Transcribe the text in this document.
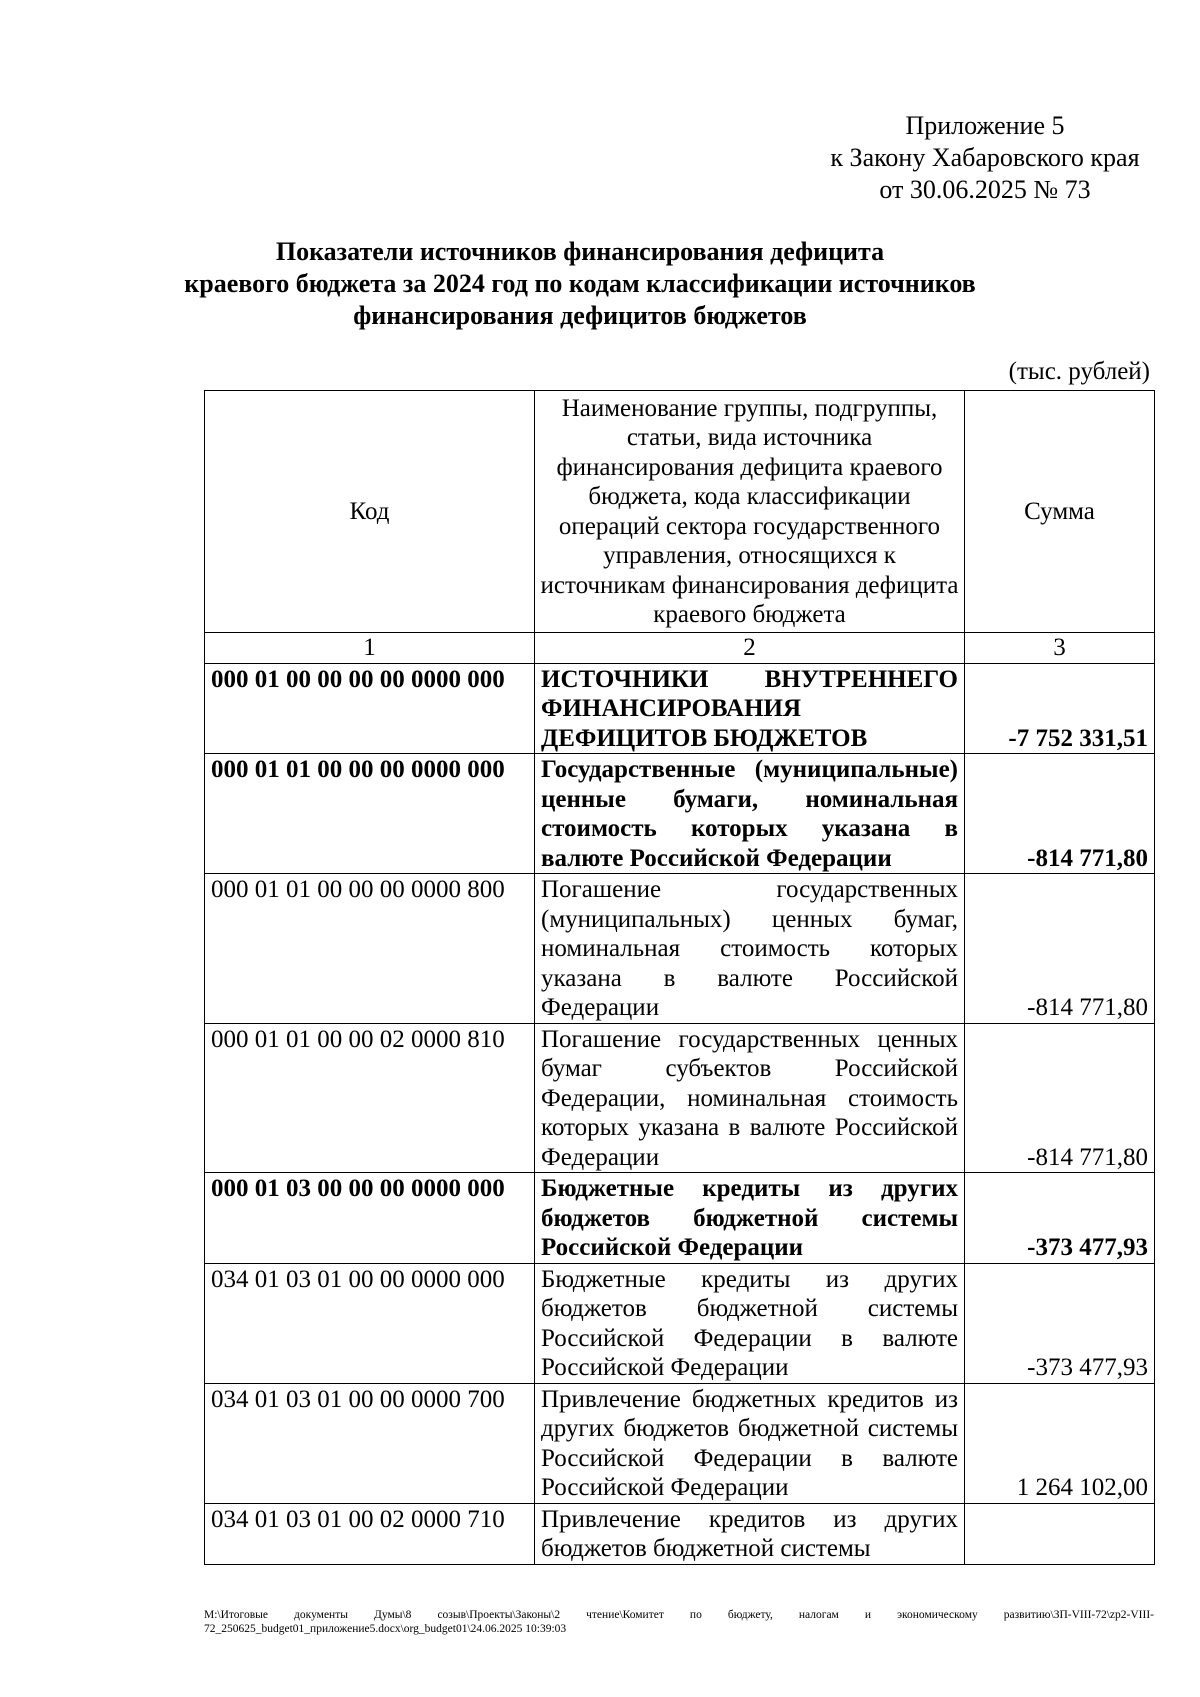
Приложение 5
к Закону Хабаровского края
от 30.06.2025 № 73
Показатели источников финансирования дефицита
краевого бюджета за 2024 год по кодам классификации источников
финансирования дефицитов бюджетов
(тыс. рублей)
Код	Наименование группы, подгруппы, статьи, вида источника финансирования дефицита краевого бюджета, кода классификации операций сектора государственного управления, относящихся к источникам финансирования дефицита краевого бюджета	Сумма
1	2	3
000 01 00 00 00 00 0000 000	ИСТОЧНИКИ ВНУТРЕННЕГО ФИНАНСИРОВАНИЯ ДЕФИЦИТОВ БЮДЖЕТОВ	-7 752 331,51
000 01 01 00 00 00 0000 000	Государственные (муниципальные) ценные бумаги, номинальная стоимость которых указана в валюте Российской Федерации	-814 771,80
000 01 01 00 00 00 0000 800	Погашение государственных (муниципальных) ценных бумаг, номинальная стоимость которых указана в валюте Российской Федерации	-814 771,80
000 01 01 00 00 02 0000 810	Погашение государственных ценных бумаг субъектов Российской Федерации, номинальная стоимость которых указана в валюте Российской Федерации	-814 771,80
000 01 03 00 00 00 0000 000	Бюджетные кредиты из других бюджетов бюджетной системы Российской Федерации	-373 477,93
034 01 03 01 00 00 0000 000	Бюджетные кредиты из других бюджетов бюджетной системы Российской Федерации в валюте Российской Федерации	-373 477,93
034 01 03 01 00 00 0000 700	Привлечение бюджетных кредитов из других бюджетов бюджетной системы Российской Федерации в валюте Российской Федерации	1 264 102,00
034 01 03 01 00 02 0000 710	Привлечение кредитов из других бюджетов бюджетной системы	
M:\Итоговые документы Думы\8 созыв\Проекты\Законы\2 чтение\Комитет по бюджету, налогам и экономическому развитию\ЗП-VIII-72\zp2-VIII-72_250625_budget01_приложение5.docx\org_budget01\24.06.2025 10:39:03
